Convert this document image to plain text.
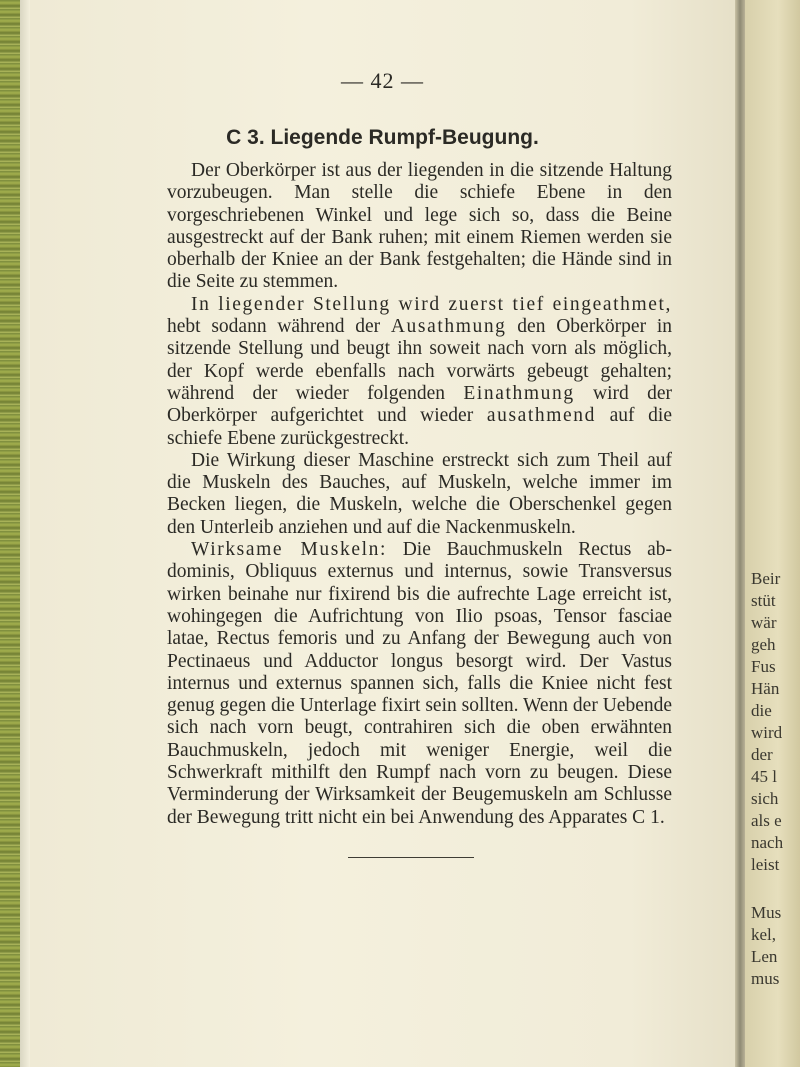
— 42 —
C 3. Liegende Rumpf-Beugung.

Der Oberkörper ist aus der liegenden in die sitzende Haltung vorzubeugen. Man stelle die schiefe Ebene in den vorgeschriebenen Winkel und lege sich so, dass die Beine ausgestreckt auf der Bank ruhen; mit einem Riemen werden sie oberhalb der Kniee an der Bank festgehalten; die Hände sind in die Seite zu stemmen.

In liegender Stellung wird zuerst tief eingeathmet, hebt sodann während der Ausathmung den Oberkörper in sitzende Stellung und beugt ihn soweit nach vorn als möglich, der Kopf werde ebenfalls nach vorwärts gebeugt gehalten; während der wieder folgenden Einathmung wird der Oberkörper aufgerichtet und wieder ausathmend auf die schiefe Ebene zurückgestreckt.

Die Wirkung dieser Maschine erstreckt sich zum Theil auf die Muskeln des Bauches, auf Muskeln, welche immer im Becken liegen, die Muskeln, welche die Oberschenkel gegen den Unterleib anziehen und auf die Nackenmuskeln.

Wirksame Muskeln: Die Bauchmuskeln Rectus abdominis, Obliquus externus und internus, sowie Transversus wirken beinahe nur fixirend bis die aufrechte Lage erreicht ist, wohingegen die Aufrichtung von Ilio psoas, Tensor fasciae latae, Rectus femoris und zu Anfang der Bewegung auch von Pectinaeus und Adductor longus besorgt wird. Der Vastus internus und externus spannen sich, falls die Kniee nicht fest genug gegen die Unterlage fixirt sein sollten. Wenn der Uebende sich nach vorn beugt, contrahiren sich die oben erwähnten Bauchmuskeln, jedoch mit weniger Energie, weil die Schwerkraft mithilft den Rumpf nach vorn zu beugen. Diese Verminderung der Wirksamkeit der Beugemuskeln am Schlusse der Bewegung tritt nicht ein bei Anwendung des Apparates C 1.

Beir
stüt
wär
geh
Fus
Hän
die
wird
der
45 l
sich
als e
nach
leist
Mus
kel,
Len
mus
